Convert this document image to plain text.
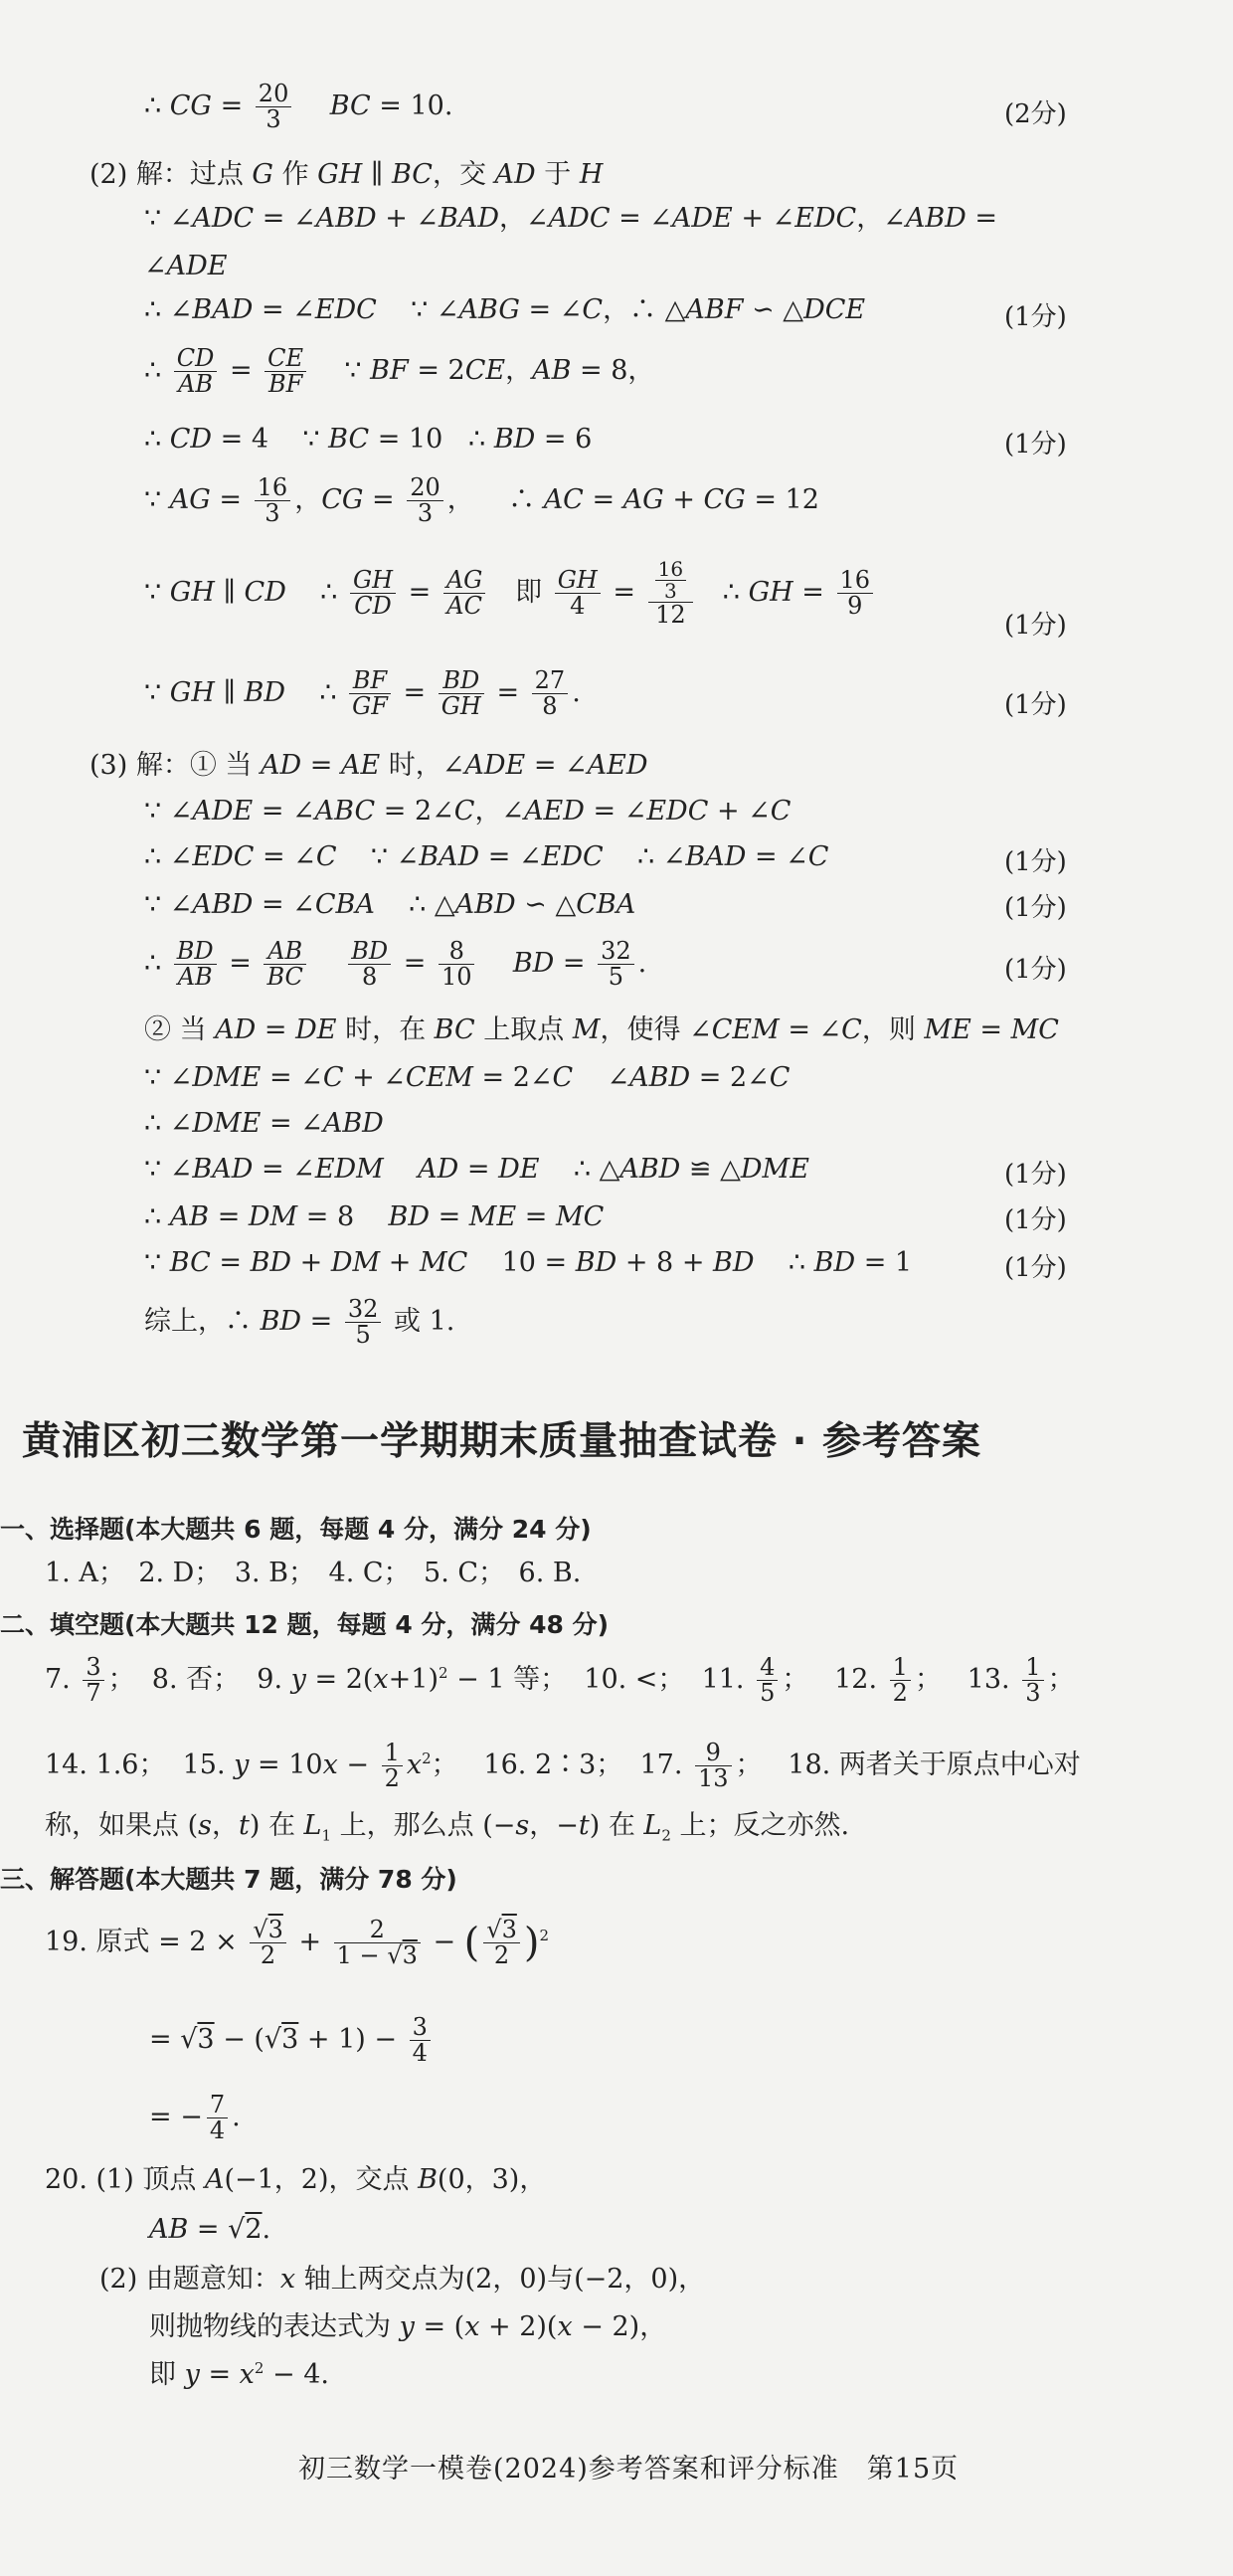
∴ CG = $\frac{20}{3}$ BC = 10.	(2分)
(2) 解：过点 G 作 GH ∥ BC，交 AD 于 H
∵ ∠ADC = ∠ABD + ∠BAD，∠ADC = ∠ADE + ∠EDC，∠ABD =
∠ADE
∴ ∠BAD = ∠EDC    ∵ ∠ABG = ∠C，∴ △ABF ∽ △DCE	(1分)
∴ $\frac{CD}{AB} = \frac{CE}{BF}$ ∵ BF = 2CE，AB = 8，
∴ CD = 4    ∵ BC = 10   ∴ BD = 6	(1分)
∵ AG = $\frac{16}{3}$ ，CG = $\frac{20}{3}$ ，    ∴ AC = AG + CG = 12
∵ GH ∥ CD    ∴ $\frac{GH}{CD} = \frac{AG}{AC}$ 即 $\frac{GH}{4} = \frac{\frac{16}{3}}{12}$ ∴ GH = $\frac{16}{9}$
(1分)
∵ GH ∥ BD    ∴ $\frac{BF}{GF} = \frac{BD}{GH} = \frac{27}{8}$ .	(1分)
(3) 解：① 当 AD = AE 时，∠ADE = ∠AED
∵ ∠ADE = ∠ABC = 2∠C，∠AED = ∠EDC + ∠C
∴ ∠EDC = ∠C    ∵ ∠BAD = ∠EDC    ∴ ∠BAD = ∠C	(1分)
∵ ∠ABD = ∠CBA    ∴ △ABD ∽ △CBA	(1分)
∴ $\frac{BD}{AB} = \frac{AB}{BC}$
$\frac{BD}{8} = \frac{8}{10}$ BD = $\frac{32}{5}$ .	(1分)
② 当 AD = DE 时，在 BC 上取点 M，使得 ∠CEM = ∠C，则 ME = MC
∵ ∠DME = ∠C + ∠CEM = 2∠C    ∠ABD = 2∠C
∴ ∠DME = ∠ABD
∵ ∠BAD = ∠EDM AD = DE    ∴ △ABD ≌ △DME	(1分)
∴ AB = DM = 8    BD = ME = MC	(1分)
∵ BC = BD + DM + MC    10 = BD + 8 + BD    ∴ BD = 1	(1分)
综上，∴ BD = $\frac{32}{5}$ 或 1.
黄浦区初三数学第一学期期末质量抽查试卷 · 参考答案
一、选择题(本大题共 6 题，每题 4 分，满分 24 分)
1. A；　2. D；　3. B；　4. C；　5. C；　6. B.
二、填空题(本大题共 12 题，每题 4 分，满分 48 分)
7. $\frac{3}{7}$ ；  8. 否；  9. $y = 2(x+1)^2 - 1$ 等；  10. <；  11. $\frac{4}{5}$ ；   12. $\frac{1}{2}$ ；   13. $\frac{1}{3}$ ；
14. 1.6；  15. $y = 10x - \frac{1}{2} x^2$；   16. 2∶3；  17. $\frac{9}{13}$ ；   18. 两者关于原点中心对
称，如果点 (s，t) 在 $L_1$ 上，那么点 (−s，−t) 在 $L_2$ 上；反之亦然.
三、解答题(本大题共 7 题，满分 78 分)
19. 原式 = $2 \times \frac{√3}{2} + \frac{2}{1 - √3}$ − ( $\frac{√3}{2} )^2$
= $√3 - (√3 + 1) - \frac{3}{4}$
= − $\frac{7}{4}$ .
20. (1) 顶点 A(−1，2)，交点 B(0，3)，
AB = √2.
(2) 由题意知：x 轴上两交点为(2，0)与(−2，0)，
则抛物线的表达式为 y = (x + 2)(x − 2)，
即 $y = x^2 - 4$.
初三数学一模卷(2024)参考答案和评分标准　第15页
